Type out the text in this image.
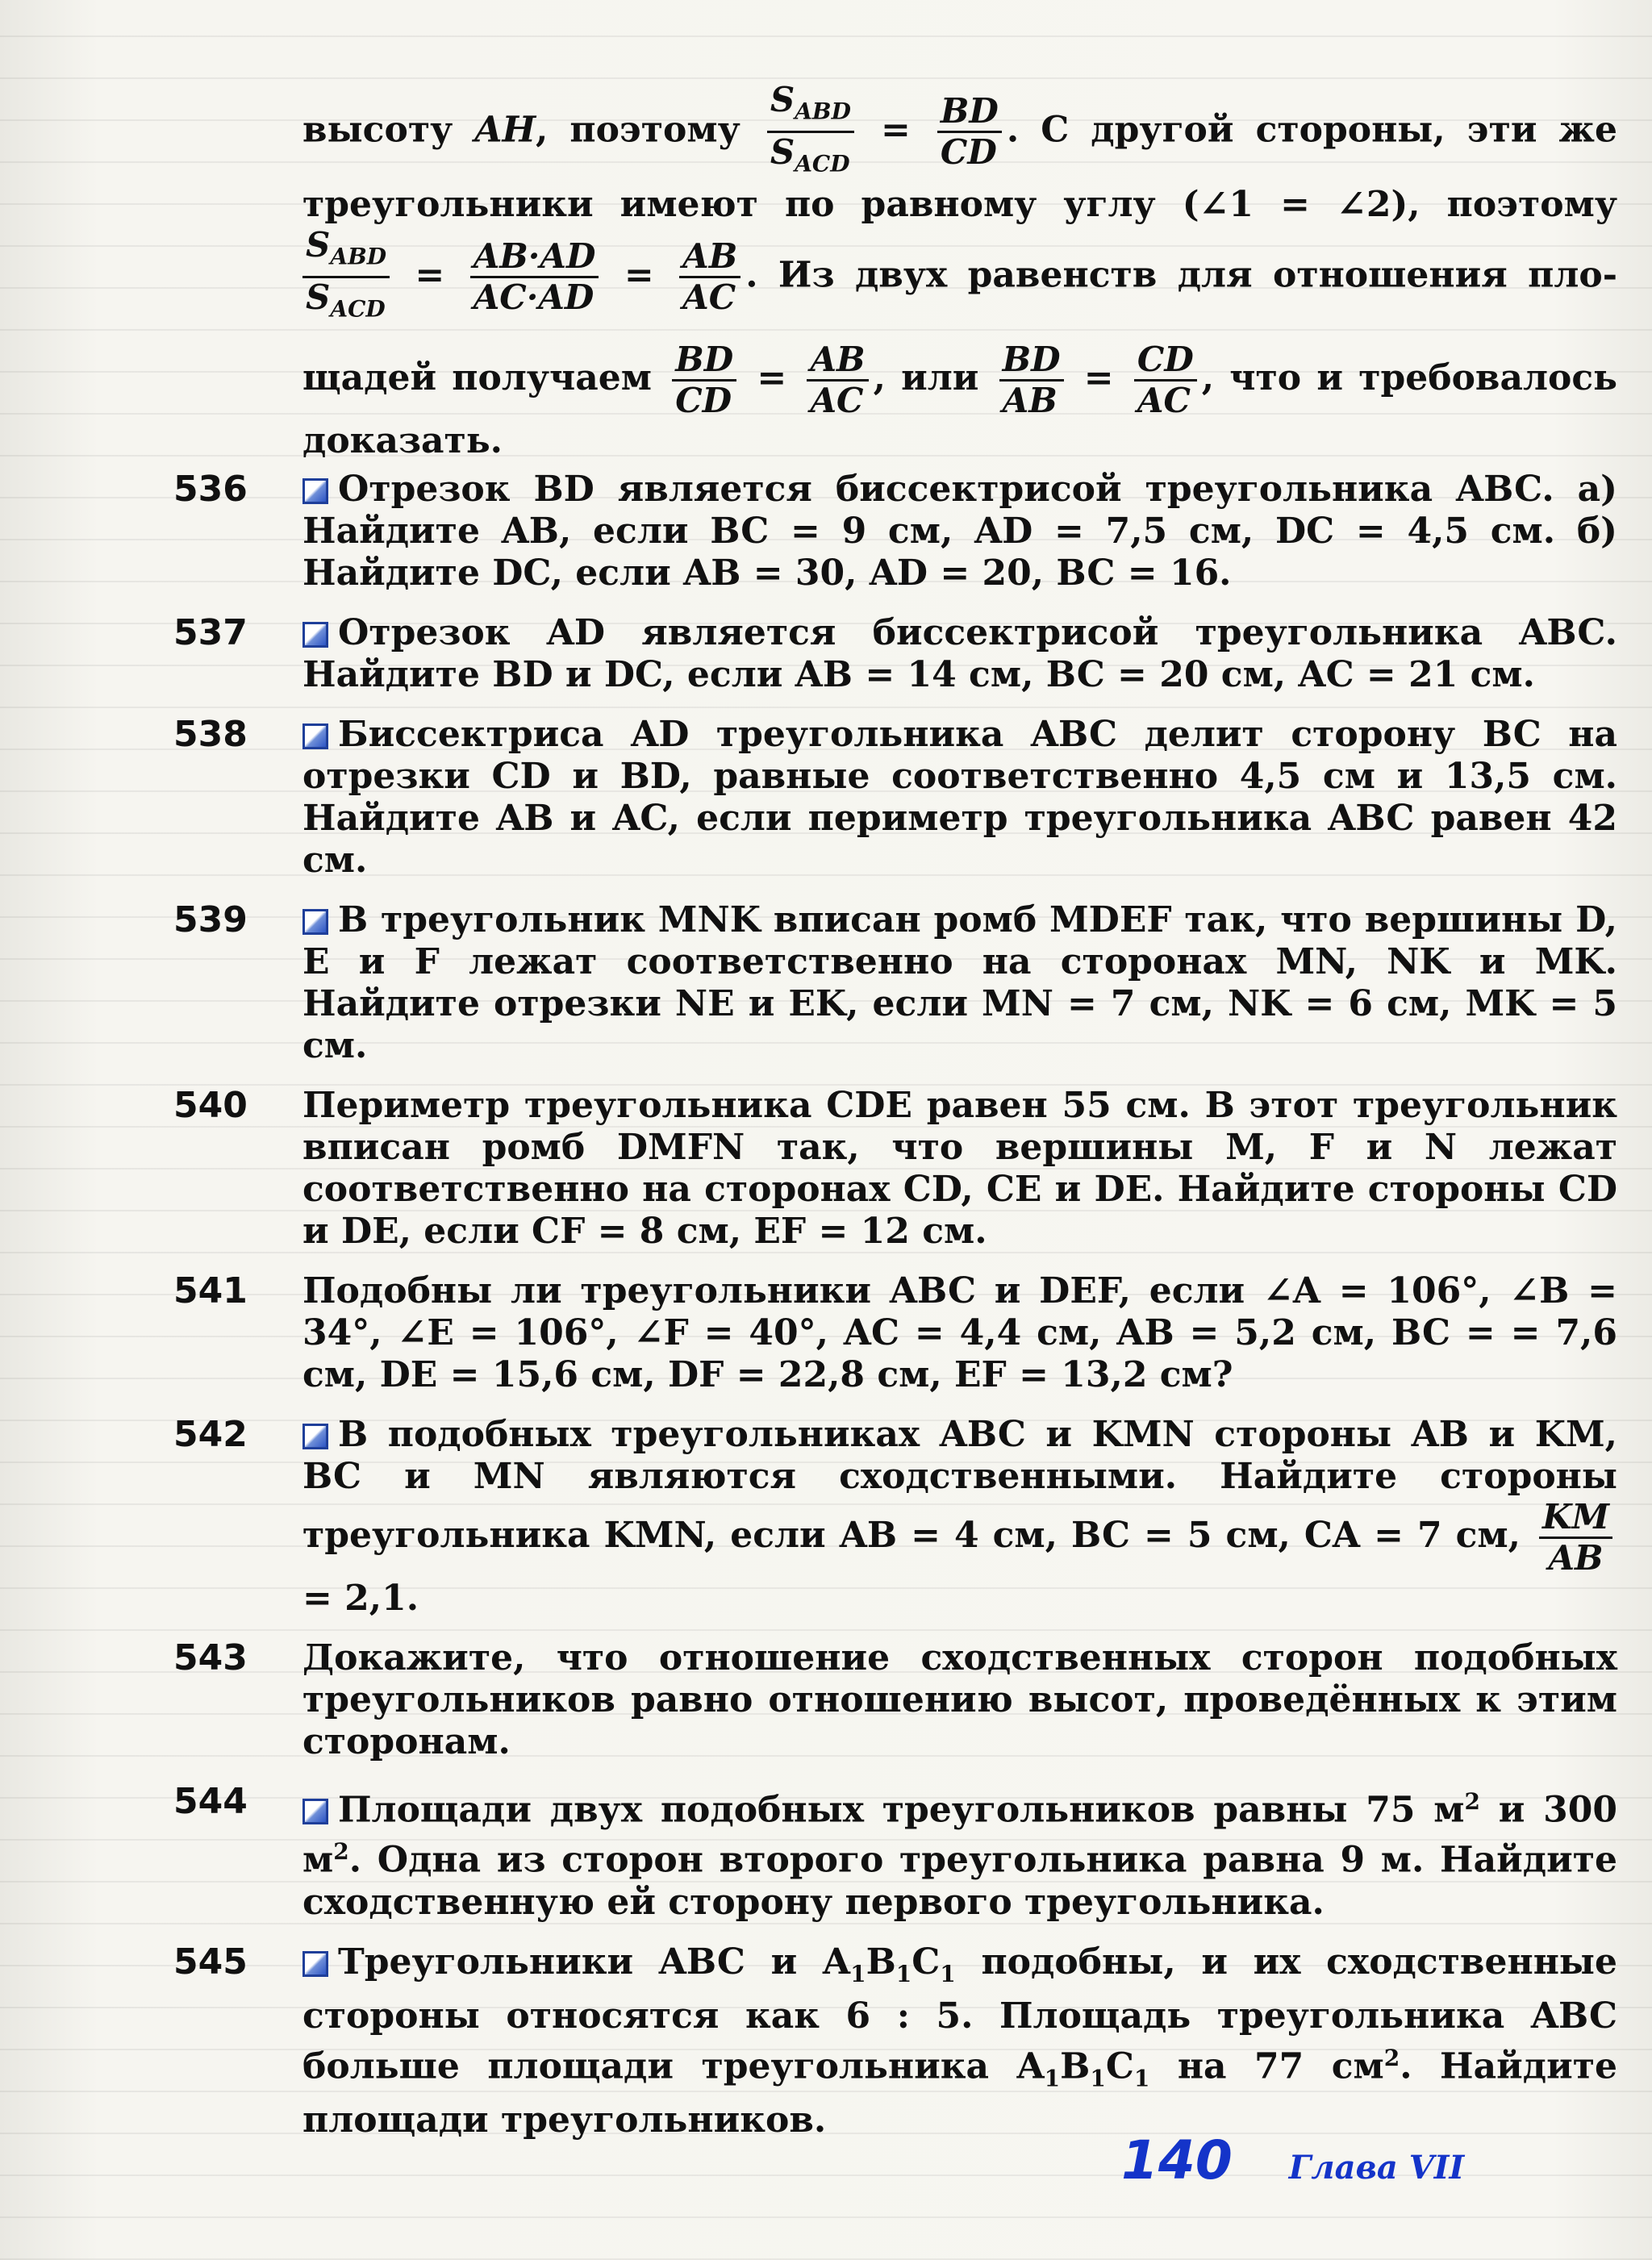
высоту AH, поэтому $\frac{S_{ABD}}{S_{ACD}} = \frac{BD}{CD}$ . С другой стороны, эти же

треугольники имеют по равному углу (∠1 = ∠2), поэтому

$\frac{S_{ABD}}{S_{ACD}} = \frac{AB\cdot AD}{AC\cdot AD} = \frac{AB}{AC}$ . Из двух равенств для отношения пло-

щадей получаем $\frac{BD}{CD} = \frac{AB}{AC}$ , или $\frac{BD}{AB} = \frac{CD}{AC}$ , что и требовалось

доказать.

536	Отрезок BD является биссектрисой треугольника ABC. а) Найдите AB, если BC = 9 см, AD = 7,5 см, DC = 4,5 см. б) Найдите DC, если AB = 30, AD = 20, BC = 16.
537	Отрезок AD является биссектрисой треугольника ABC. Найдите BD и DC, если AB = 14 см, BC = 20 см, AC = 21 см.
538	Биссектриса AD треугольника ABC делит сторону BC на отрезки CD и BD, равные соответственно 4,5 см и 13,5 см. Найдите AB и AC, если периметр треугольника ABC равен 42 см.
539	В треугольник MNK вписан ромб MDEF так, что вершины D, E и F лежат соответственно на сторонах MN, NK и MK. Найдите отрезки NE и EK, если MN = 7 см, NK = 6 см, MK = 5 см.
540	Периметр треугольника CDE равен 55 см. В этот треугольник вписан ромб DMFN так, что вершины M, F и N лежат соответственно на сторонах CD, CE и DE. Найдите стороны CD и DE, если CF = 8 см, EF = 12 см.
541	Подобны ли треугольники ABC и DEF, если ∠A = 106°, ∠B = 34°, ∠E = 106°, ∠F = 40°, AC = 4,4 см, AB = 5,2 см, BC = = 7,6 см, DE = 15,6 см, DF = 22,8 см, EF = 13,2 см?
542	В подобных треугольниках ABC и KMN стороны AB и KM, BC и MN являются сходственными. Найдите стороны треугольника KMN, если AB = 4 см, BC = 5 см, CA = 7 см, $\frac{KM}{AB}$
= 2,1.
543	Докажите, что отношение сходственных сторон подобных треугольников равно отношению высот, проведённых к этим сторонам.
544	Площади двух подобных треугольников равны 75 $м^2$ и 300 $м^2$. Одна из сторон второго треугольника равна 9 м. Найдите сходственную ей сторону первого треугольника.
545	Треугольники ABC и $A_1B_1C_1$ подобны, и их сходственные стороны относятся как 6 : 5. Площадь треугольника ABC больше площади треугольника $A_1B_1C_1$ на 77 $см^2$. Найдите площади треугольников.
140 Глава VII
